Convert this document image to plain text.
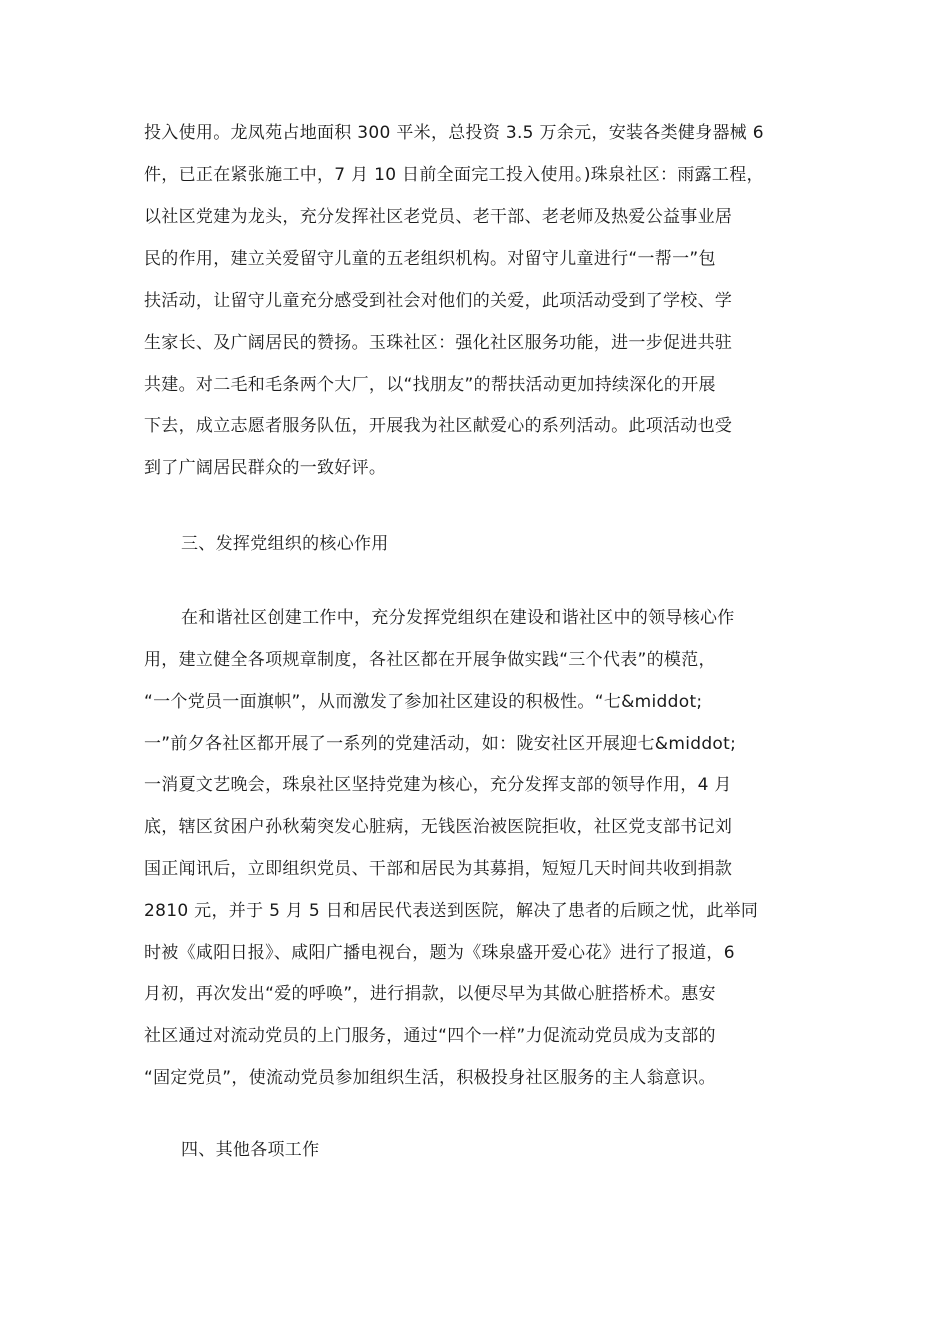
投入使用。龙凤苑占地面积 300 平米，总投资 3.5 万余元，安装各类健身器械 6
件，已正在紧张施工中，7 月 10 日前全面完工投入使用。)珠泉社区：雨露工程，
以社区党建为龙头，充分发挥社区老党员、老干部、老老师及热爱公益事业居
民的作用，建立关爱留守儿童的五老组织机构。对留守儿童进行“一帮一”包
扶活动，让留守儿童充分感受到社会对他们的关爱，此项活动受到了学校、学
生家长、及广阔居民的赞扬。玉珠社区：强化社区服务功能，进一步促进共驻
共建。对二毛和毛条两个大厂，以“找朋友”的帮扶活动更加持续深化的开展
下去，成立志愿者服务队伍，开展我为社区献爱心的系列活动。此项活动也受
到了广阔居民群众的一致好评。
三、发挥党组织的核心作用
在和谐社区创建工作中，充分发挥党组织在建设和谐社区中的领导核心作
用，建立健全各项规章制度，各社区都在开展争做实践“三个代表”的模范，
“一个党员一面旗帜”，从而激发了参加社区建设的积极性。“七&middot;
一”前夕各社区都开展了一系列的党建活动，如：陇安社区开展迎七&middot;
一消夏文艺晚会，珠泉社区坚持党建为核心，充分发挥支部的领导作用，4 月
底，辖区贫困户孙秋菊突发心脏病，无钱医治被医院拒收，社区党支部书记刘
国正闻讯后，立即组织党员、干部和居民为其募捐，短短几天时间共收到捐款
2810 元，并于 5 月 5 日和居民代表送到医院，解决了患者的后顾之忧，此举同
时被《咸阳日报》、咸阳广播电视台，题为《珠泉盛开爱心花》进行了报道，6
月初，再次发出“爱的呼唤”，进行捐款，以便尽早为其做心脏搭桥术。惠安
社区通过对流动党员的上门服务，通过“四个一样”力促流动党员成为支部的
“固定党员”，使流动党员参加组织生活，积极投身社区服务的主人翁意识。
四、其他各项工作
